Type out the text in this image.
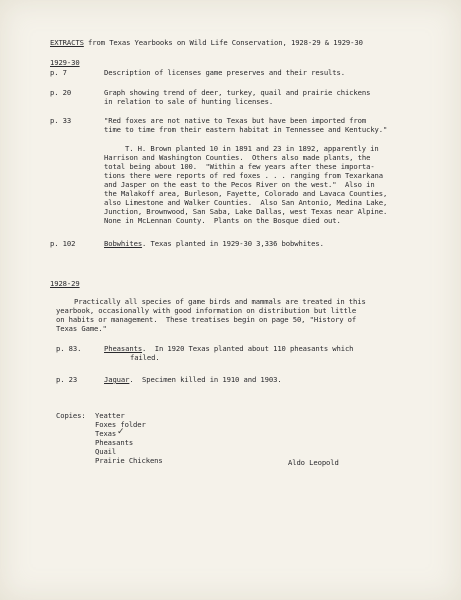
EXTRACTS from Texas Yearbooks on Wild Life Conservation, 1928-29 & 1929-30
1929-30
p. 7	Description of licenses game preserves and their results.
p. 20	Graph showing trend of deer, turkey, quail and prairie chickens
in relation to sale of hunting licenses.
p. 33	"Red foxes are not native to Texas but have been imported from
time to time from their eastern habitat in Tennessee and Kentucky."
T. H. Brown planted 10 in 1891 and 23 in 1892, apparently in
Harrison and Washington Counties.  Others also made plants, the
total being about 100.  "Within a few years after these importa-
tions there were reports of red foxes . . . ranging from Texarkana
and Jasper on the east to the Pecos River on the west."  Also in
the Malakoff area, Burleson, Fayette, Colorado and Lavaca Counties,
also Limestone and Walker Counties.  Also San Antonio, Medina Lake,
Junction, Brownwood, San Saba, Lake Dallas, west Texas near Alpine.
None in McLennan County.  Plants on the Bosque died out.
p. 102	Bobwhites. Texas planted in 1929-30 3,336 bobwhites.
1928-29
Practically all species of game birds and mammals are treated in this
yearbook, occasionally with good information on distribution but little
on habits or management.  These treatises begin on page 50, "History of
Texas Game."
p. 83.	Pheasants.  In 1920 Texas planted about 110 pheasants which
failed.
p. 23	Jaguar.  Specimen killed in 1910 and 1903.
Copies: Yeatter
Foxes folder
Texas ✓
Pheasants
Quail
Prairie Chickens	Aldo Leopold
